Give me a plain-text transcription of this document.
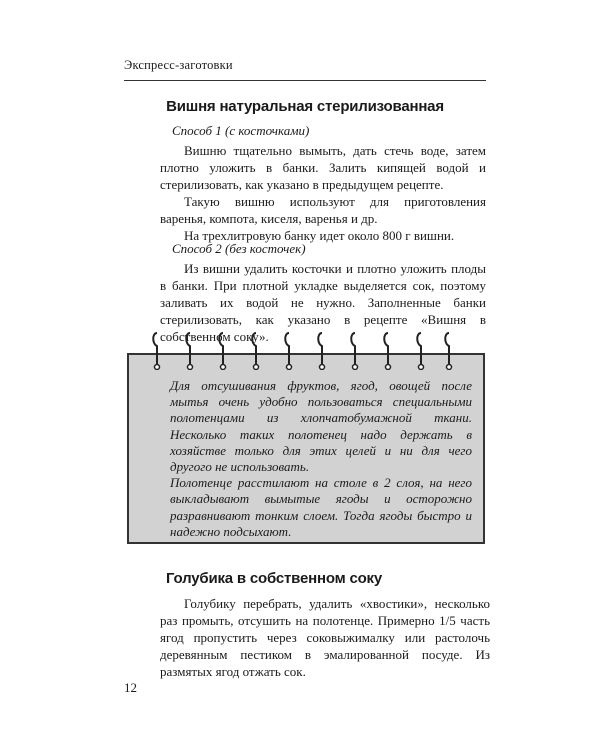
Экспресс-заготовки
Вишня натуральная стерилизованная
Способ 1 (с косточками)

Вишню тщательно вымыть, дать стечь воде, затем плотно уложить в банки. Залить кипящей водой и стерилизовать, как указано в предыдущем рецепте.

Такую вишню используют для приготовления варенья, компота, киселя, варенья и др.

На трехлитровую банку идет около 800 г вишни.

Способ 2 (без косточек)

Из вишни удалить косточки и плотно уложить плоды в банки. При плотной укладке выделяется сок, поэтому заливать их водой не нужно. Заполненные банки стерилизовать, как указано в рецепте «Вишня в собственном соку».

Для отсушивания фруктов, ягод, овощей после мытья очень удобно пользоваться специальными полотенцами из хлопчатобумажной ткани. Несколько таких полотенец надо держать в хозяйстве только для этих целей и ни для чего другого не использовать.

Полотенце расстилают на столе в 2 слоя, на него выкладывают вымытые ягоды и осторожно разравнивают тонким слоем. Тогда ягоды быстро и надежно подсыхают.

Голубика в собственном соку

Голубику перебрать, удалить «хвостики», несколько раз промыть, отсушить на полотенце. Примерно 1/5 часть ягод пропустить через соковыжималку или растолочь деревянным пестиком в эмалированной посуде. Из размятых ягод отжать сок.

12
